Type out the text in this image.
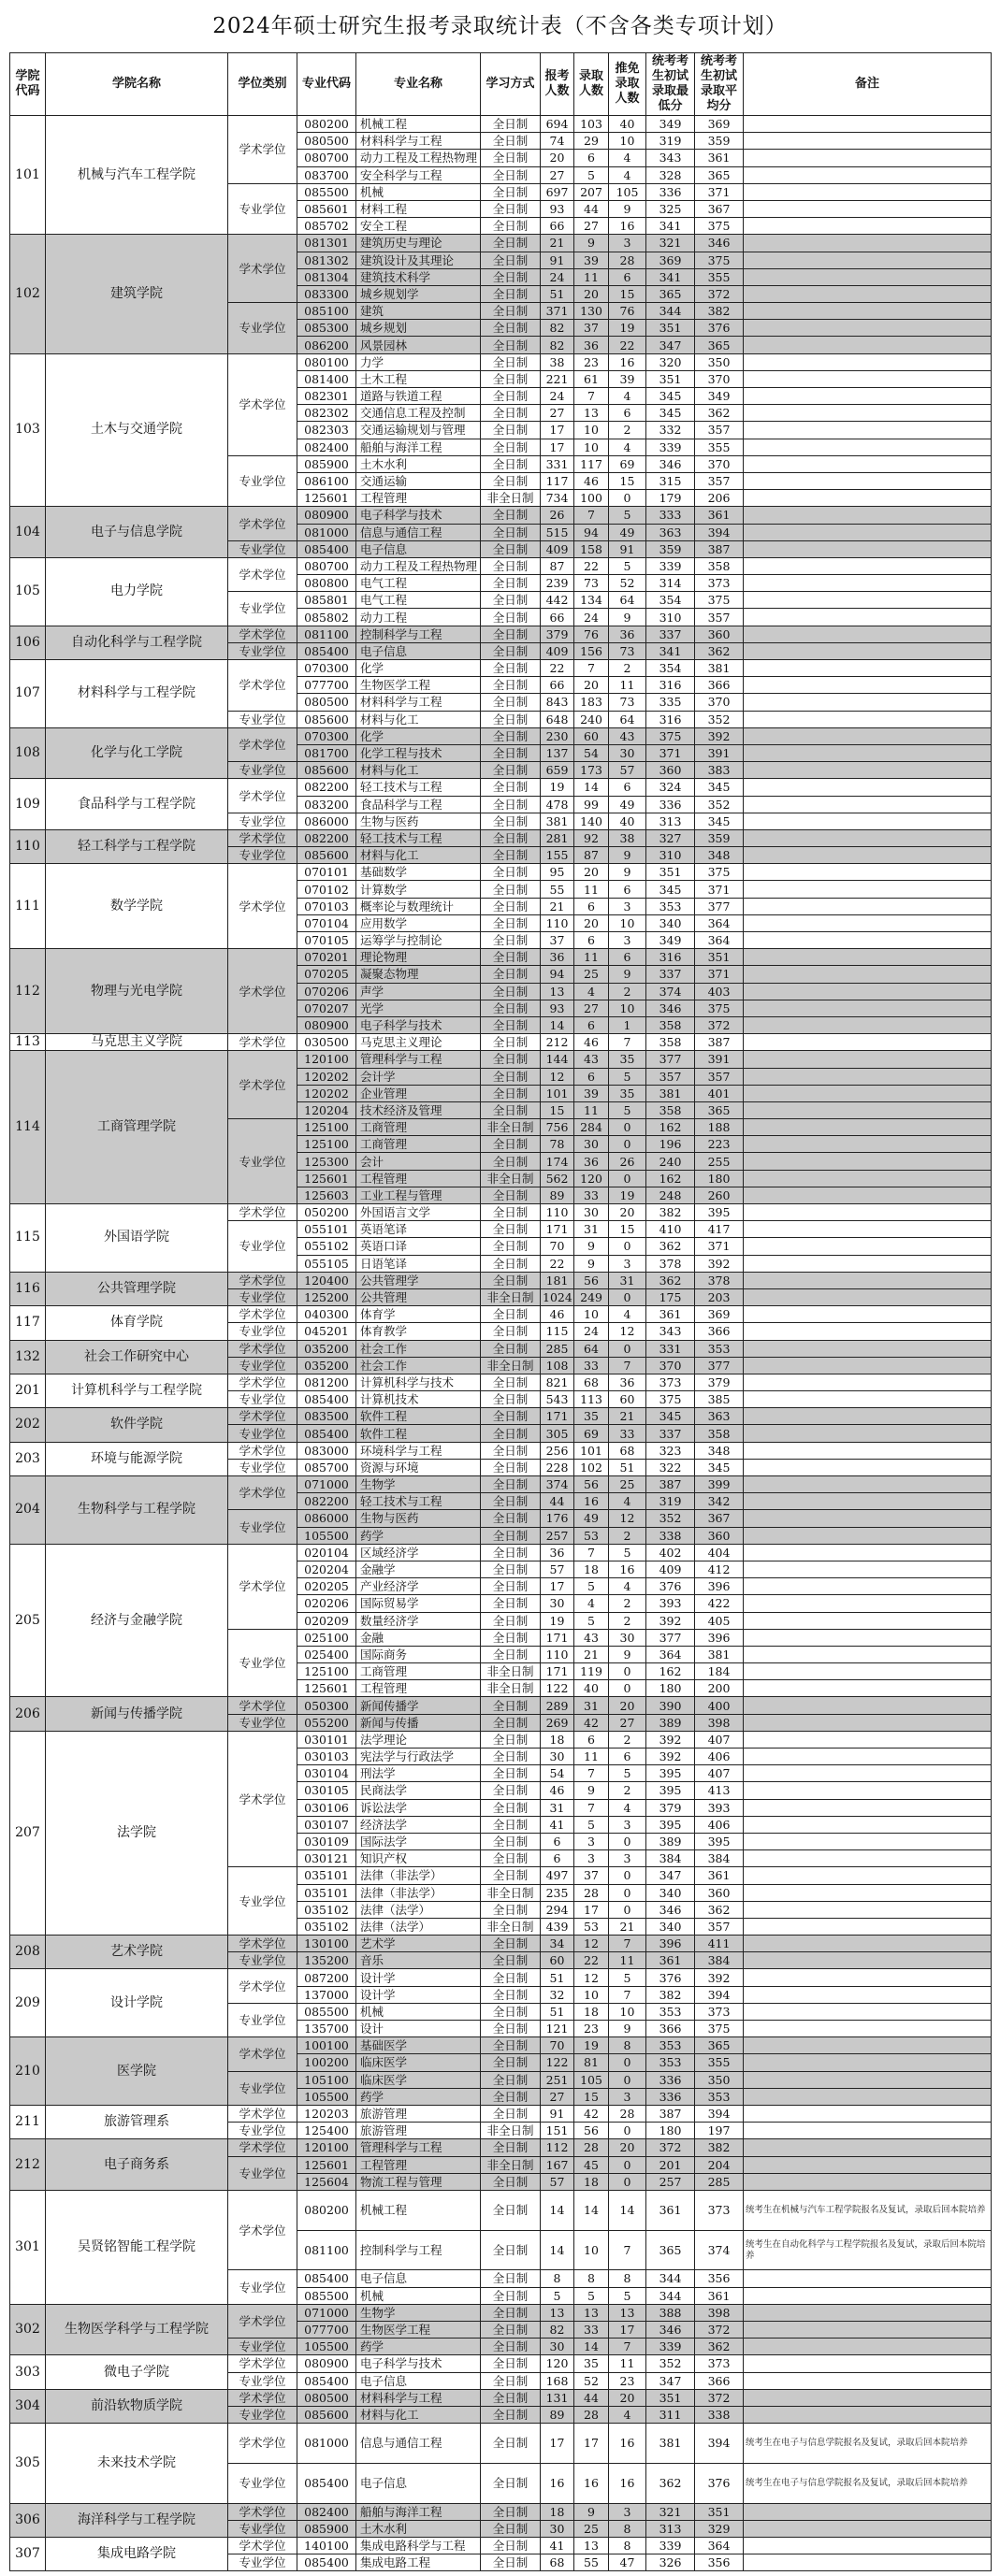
2024年硕士研究生报考录取统计表（不含各类专项计划）
学院代码	学院名称	学位类别	专业代码	专业名称	学习方式	报考人数	录取人数	推免录取人数	统考考生初试录取最低分	统考考生初试录取平均分	备注
101	机械与汽车工程学院	学术学位	080200	机械工程	全日制	694	103	40	349	369	
			080500	材料科学与工程	全日制	74	29	10	319	359	
			080700	动力工程及工程热物理	全日制	20	6	4	343	361	
			083700	安全科学与工程	全日制	27	5	4	328	365	
		专业学位	085500	机械	全日制	697	207	105	336	371	
			085601	材料工程	全日制	93	44	9	325	367	
			085702	安全工程	全日制	66	27	16	341	375	
102	建筑学院	学术学位	081301	建筑历史与理论	全日制	21	9	3	321	346	
			081302	建筑设计及其理论	全日制	91	39	28	369	375	
			081304	建筑技术科学	全日制	24	11	6	341	355	
			083300	城乡规划学	全日制	51	20	15	365	372	
		专业学位	085100	建筑	全日制	371	130	76	344	382	
			085300	城乡规划	全日制	82	37	19	351	376	
			086200	风景园林	全日制	82	36	22	347	365	
103	土木与交通学院	学术学位	080100	力学	全日制	38	23	16	320	350	
			081400	土木工程	全日制	221	61	39	351	370	
			082301	道路与铁道工程	全日制	24	7	4	345	349	
			082302	交通信息工程及控制	全日制	27	13	6	345	362	
			082303	交通运输规划与管理	全日制	17	10	2	332	357	
			082400	船舶与海洋工程	全日制	17	10	4	339	355	
		专业学位	085900	土木水利	全日制	331	117	69	346	370	
			086100	交通运输	全日制	117	46	15	315	357	
			125601	工程管理	非全日制	734	100	0	179	206	
104	电子与信息学院	学术学位	080900	电子科学与技术	全日制	26	7	5	333	361	
			081000	信息与通信工程	全日制	515	94	49	363	394	
		专业学位	085400	电子信息	全日制	409	158	91	359	387	
105	电力学院	学术学位	080700	动力工程及工程热物理	全日制	87	22	5	339	358	
			080800	电气工程	全日制	239	73	52	314	373	
		专业学位	085801	电气工程	全日制	442	134	64	354	375	
			085802	动力工程	全日制	66	24	9	310	357	
106	自动化科学与工程学院	学术学位	081100	控制科学与工程	全日制	379	76	36	337	360	
		专业学位	085400	电子信息	全日制	409	156	73	341	362	
107	材料科学与工程学院	学术学位	070300	化学	全日制	22	7	2	354	381	
			077700	生物医学工程	全日制	66	20	11	316	366	
			080500	材料科学与工程	全日制	843	183	73	335	370	
		专业学位	085600	材料与化工	全日制	648	240	64	316	352	
108	化学与化工学院	学术学位	070300	化学	全日制	230	60	43	375	392	
			081700	化学工程与技术	全日制	137	54	30	371	391	
		专业学位	085600	材料与化工	全日制	659	173	57	360	383	
109	食品科学与工程学院	学术学位	082200	轻工技术与工程	全日制	19	14	6	324	345	
			083200	食品科学与工程	全日制	478	99	49	336	352	
		专业学位	086000	生物与医药	全日制	381	140	40	313	345	
110	轻工科学与工程学院	学术学位	082200	轻工技术与工程	全日制	281	92	38	327	359	
		专业学位	085600	材料与化工	全日制	155	87	9	310	348	
111	数学学院	学术学位	070101	基础数学	全日制	95	20	9	351	375	
			070102	计算数学	全日制	55	11	6	345	371	
			070103	概率论与数理统计	全日制	21	6	3	353	377	
			070104	应用数学	全日制	110	20	10	340	364	
			070105	运筹学与控制论	全日制	37	6	3	349	364	
112	物理与光电学院	学术学位	070201	理论物理	全日制	36	11	6	316	351	
			070205	凝聚态物理	全日制	94	25	9	337	371	
			070206	声学	全日制	13	4	2	374	403	
			070207	光学	全日制	93	27	10	346	375	
			080900	电子科学与技术	全日制	14	6	1	358	372	
113	马克思主义学院	学术学位	030500	马克思主义理论	全日制	212	46	7	358	387	
114	工商管理学院	学术学位	120100	管理科学与工程	全日制	144	43	35	377	391	
			120202	会计学	全日制	12	6	5	357	357	
			120202	企业管理	全日制	101	39	35	381	401	
			120204	技术经济及管理	全日制	15	11	5	358	365	
		专业学位	125100	工商管理	非全日制	756	284	0	162	188	
			125100	工商管理	全日制	78	30	0	196	223	
			125300	会计	全日制	174	36	26	240	255	
			125601	工程管理	非全日制	562	120	0	162	180	
			125603	工业工程与管理	全日制	89	33	19	248	260	
115	外国语学院	学术学位	050200	外国语言文学	全日制	110	30	20	382	395	
		专业学位	055101	英语笔译	全日制	171	31	15	410	417	
			055102	英语口译	全日制	70	9	0	362	371	
			055105	日语笔译	全日制	22	9	3	378	392	
116	公共管理学院	学术学位	120400	公共管理学	全日制	181	56	31	362	378	
		专业学位	125200	公共管理	非全日制	1024	249	0	175	203	
117	体育学院	学术学位	040300	体育学	全日制	46	10	4	361	369	
		专业学位	045201	体育教学	全日制	115	24	12	343	366	
132	社会工作研究中心	学术学位	035200	社会工作	全日制	285	64	0	331	353	
		专业学位	035200	社会工作	非全日制	108	33	7	370	377	
201	计算机科学与工程学院	学术学位	081200	计算机科学与技术	全日制	821	68	36	373	379	
		专业学位	085400	计算机技术	全日制	543	113	60	375	385	
202	软件学院	学术学位	083500	软件工程	全日制	171	35	21	345	363	
		专业学位	085400	软件工程	全日制	305	69	33	337	358	
203	环境与能源学院	学术学位	083000	环境科学与工程	全日制	256	101	68	323	348	
		专业学位	085700	资源与环境	全日制	228	102	51	322	345	
204	生物科学与工程学院	学术学位	071000	生物学	全日制	374	56	25	387	399	
			082200	轻工技术与工程	全日制	44	16	4	319	342	
		专业学位	086000	生物与医药	全日制	176	49	12	352	367	
			105500	药学	全日制	257	53	2	338	360	
205	经济与金融学院	学术学位	020104	区域经济学	全日制	36	7	5	402	404	
			020204	金融学	全日制	57	18	16	409	412	
			020205	产业经济学	全日制	17	5	4	376	396	
			020206	国际贸易学	全日制	30	4	2	393	422	
			020209	数量经济学	全日制	19	5	2	392	405	
		专业学位	025100	金融	全日制	171	43	30	377	396	
			025400	国际商务	全日制	110	21	9	364	381	
			125100	工商管理	非全日制	171	119	0	162	184	
			125601	工程管理	非全日制	122	40	0	180	200	
206	新闻与传播学院	学术学位	050300	新闻传播学	全日制	289	31	20	390	400	
		专业学位	055200	新闻与传播	全日制	269	42	27	389	398	
207	法学院	学术学位	030101	法学理论	全日制	18	6	2	392	407	
			030103	宪法学与行政法学	全日制	30	11	6	392	406	
			030104	刑法学	全日制	54	7	5	395	407	
			030105	民商法学	全日制	46	9	2	395	413	
			030106	诉讼法学	全日制	31	7	4	379	393	
			030107	经济法学	全日制	41	5	3	395	406	
			030109	国际法学	全日制	6	3	0	389	395	
			030121	知识产权	全日制	6	3	3	384	384	
		专业学位	035101	法律（非法学）	全日制	497	37	0	347	361	
			035101	法律（非法学）	非全日制	235	28	0	340	360	
			035102	法律（法学）	全日制	294	17	0	346	362	
			035102	法律（法学）	非全日制	439	53	21	340	357	
208	艺术学院	学术学位	130100	艺术学	全日制	34	12	7	396	411	
		专业学位	135200	音乐	全日制	60	22	11	361	384	
209	设计学院	学术学位	087200	设计学	全日制	51	12	5	376	392	
			137000	设计学	全日制	32	10	7	382	394	
		专业学位	085500	机械	全日制	51	18	10	353	373	
			135700	设计	全日制	121	23	9	366	375	
210	医学院	学术学位	100100	基础医学	全日制	70	19	8	353	365	
			100200	临床医学	全日制	122	81	0	353	355	
		专业学位	105100	临床医学	全日制	251	105	0	336	350	
			105500	药学	全日制	27	15	3	336	353	
211	旅游管理系	学术学位	120203	旅游管理	全日制	91	42	28	387	394	
		专业学位	125400	旅游管理	非全日制	151	56	0	180	197	
212	电子商务系	学术学位	120100	管理科学与工程	全日制	112	28	20	372	382	
		专业学位	125601	工程管理	非全日制	167	45	0	201	204	
			125604	物流工程与管理	全日制	57	18	0	257	285	
301	吴贤铭智能工程学院	学术学位	080200	机械工程	全日制	14	14	14	361	373	统考生在机械与汽车工程学院报名及复试，录取后回本院培养
			081100	控制科学与工程	全日制	14	10	7	365	374	统考生在自动化科学与工程学院报名及复试，录取后回本院培养
		专业学位	085400	电子信息	全日制	8	8	8	344	356	
			085500	机械	全日制	5	5	5	344	361	
302	生物医学科学与工程学院	学术学位	071000	生物学	全日制	13	13	13	388	398	
			077700	生物医学工程	全日制	82	33	17	346	372	
		专业学位	105500	药学	全日制	30	14	7	339	362	
303	微电子学院	学术学位	080900	电子科学与技术	全日制	120	35	11	352	373	
		专业学位	085400	电子信息	全日制	168	52	23	347	366	
304	前沿软物质学院	学术学位	080500	材料科学与工程	全日制	131	44	20	351	372	
		专业学位	085600	材料与化工	全日制	89	28	4	311	338	
305	未来技术学院	学术学位	081000	信息与通信工程	全日制	17	17	16	381	394	统考生在电子与信息学院报名及复试，录取后回本院培养
		专业学位	085400	电子信息	全日制	16	16	16	362	376	统考生在电子与信息学院报名及复试，录取后回本院培养
306	海洋科学与工程学院	学术学位	082400	船舶与海洋工程	全日制	18	9	3	321	351	
		专业学位	085900	土木水利	全日制	30	25	8	313	329	
307	集成电路学院	学术学位	140100	集成电路科学与工程	全日制	41	13	8	339	364	
		专业学位	085400	集成电路工程	全日制	68	55	47	326	356	
